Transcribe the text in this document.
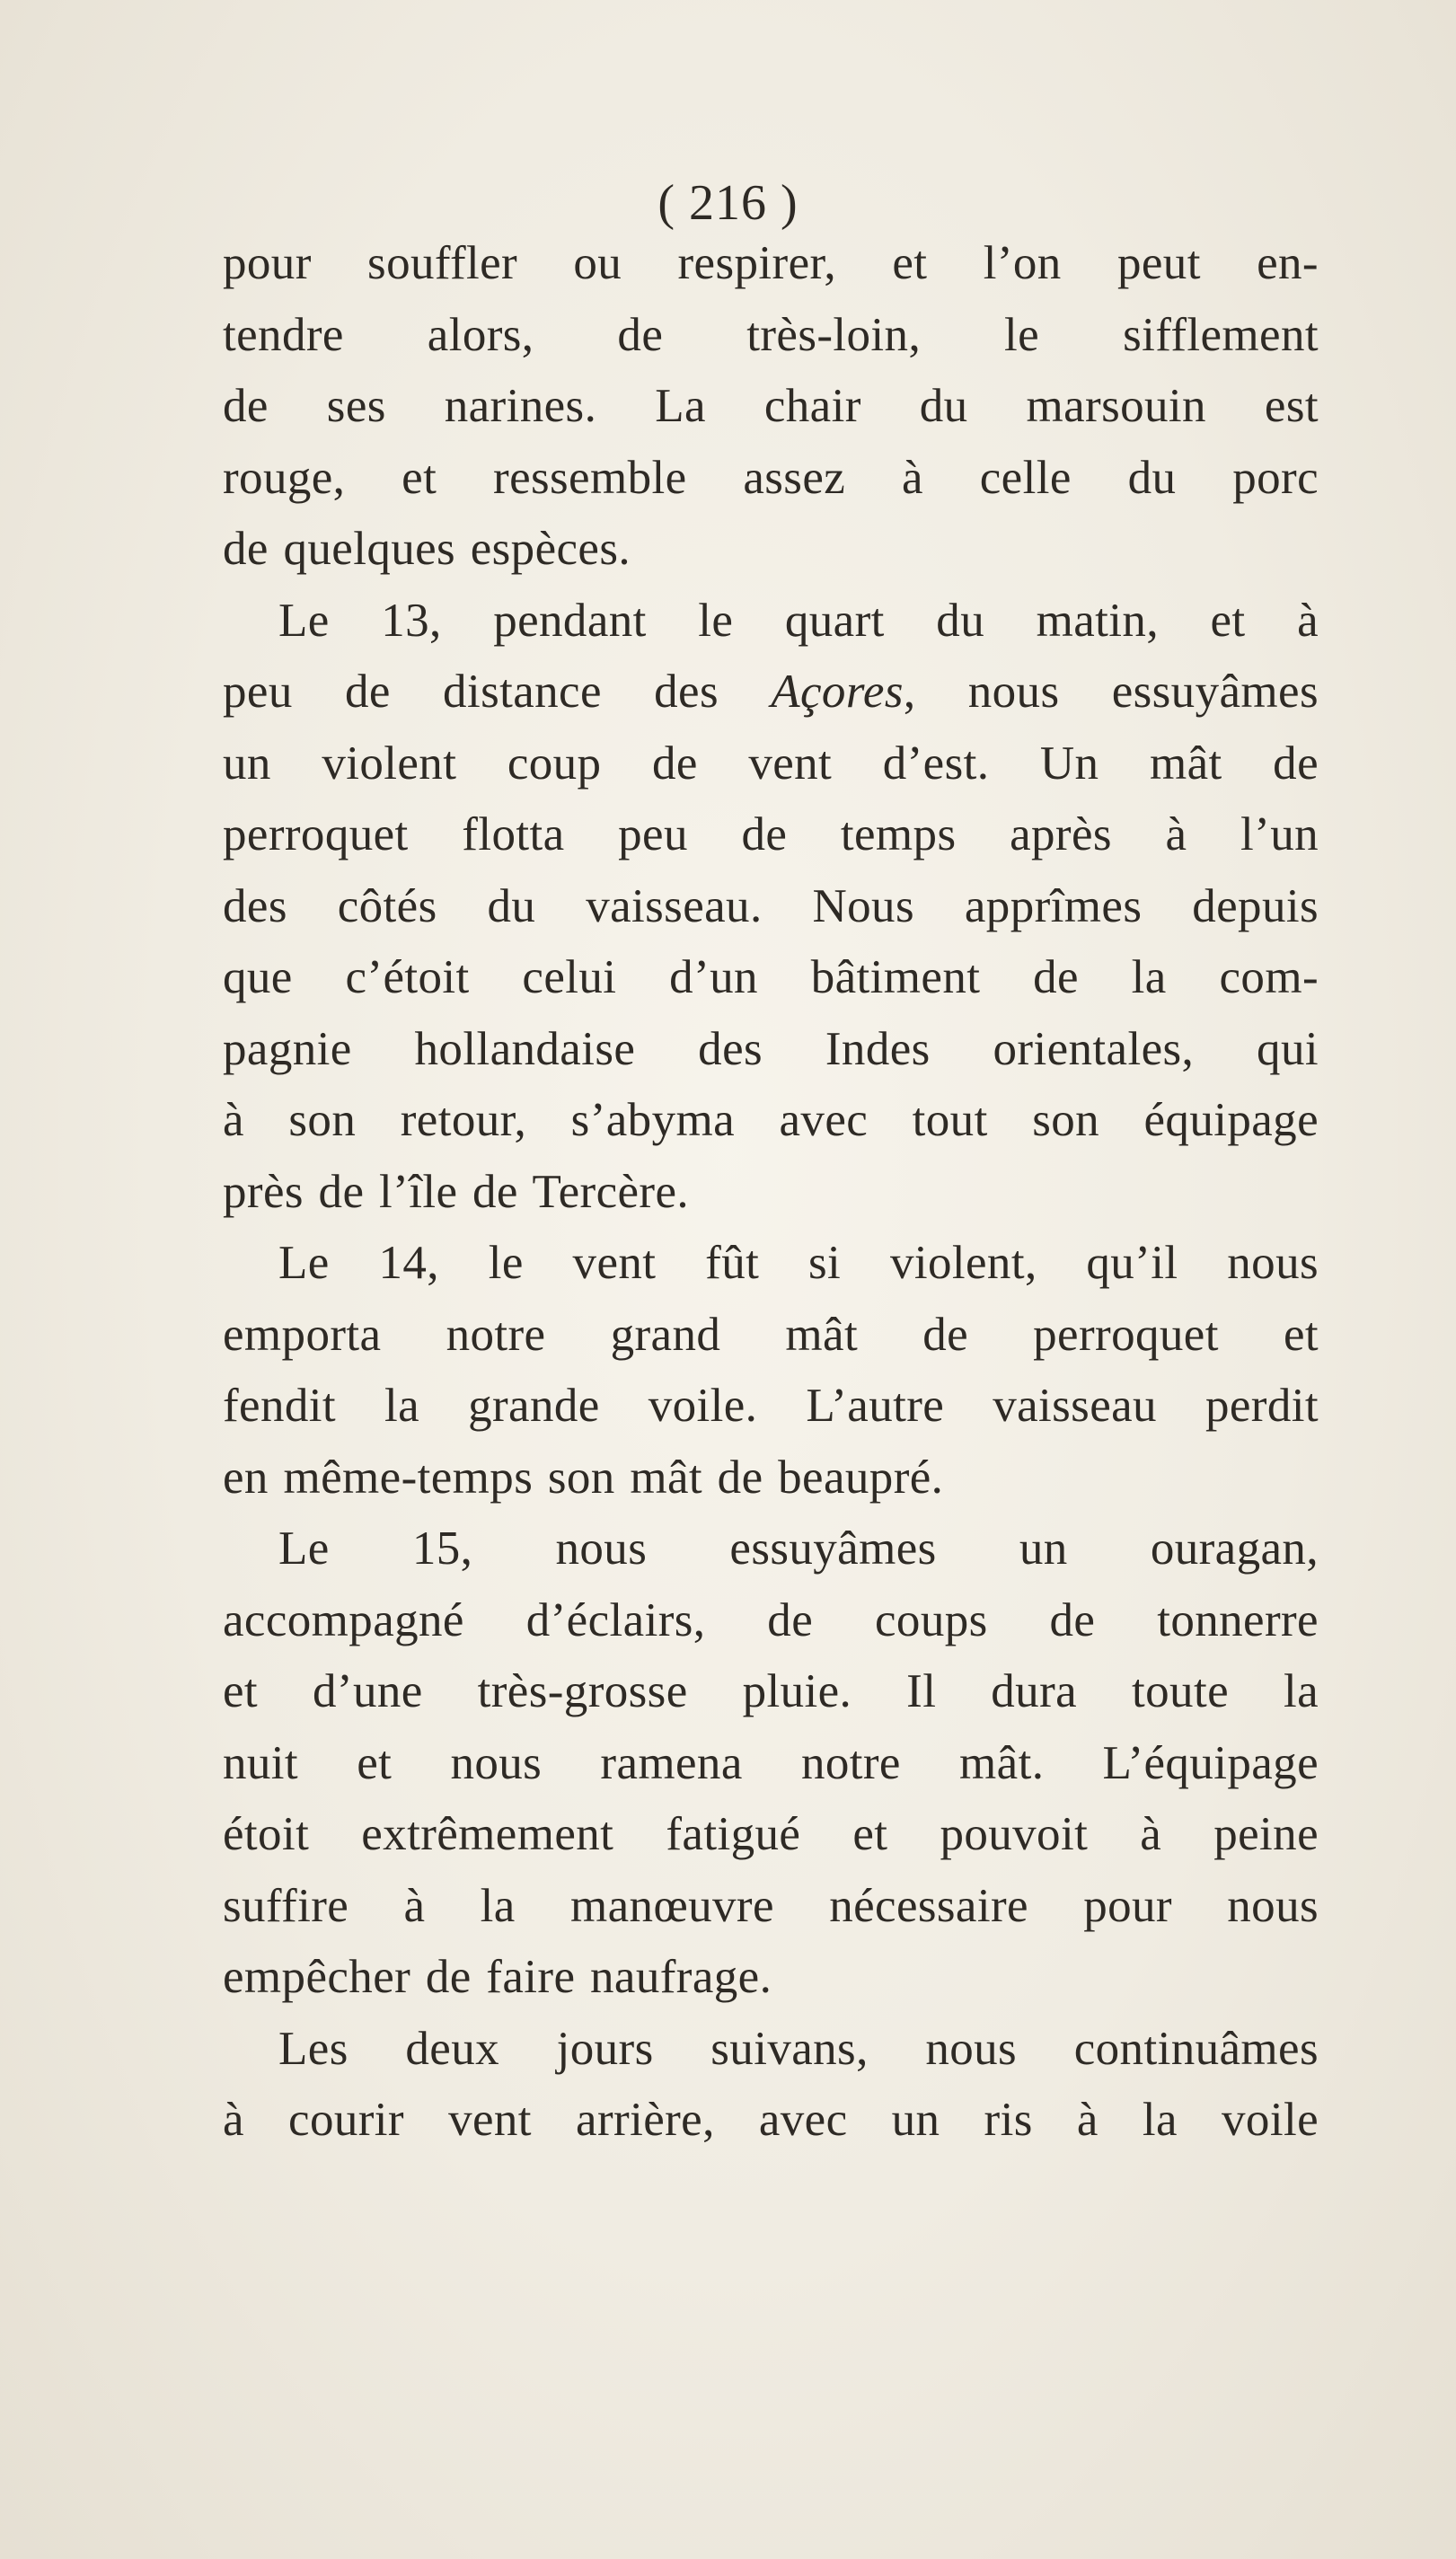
( 216 )
pour souffler ou respirer, et l’on peut en-
tendre alors, de très-loin, le sifflement
de ses narines. La chair du marsouin est
rouge, et ressemble assez à celle du porc
de quelques espèces.
Le 13, pendant le quart du matin, et à
peu de distance des Açores, nous essuyâmes
un violent coup de vent d’est. Un mât de
perroquet flotta peu de temps après à l’un
des côtés du vaisseau. Nous apprîmes depuis
que c’étoit celui d’un bâtiment de la com-
pagnie hollandaise des Indes orientales, qui
à son retour, s’abyma avec tout son équipage
près de l’île de Tercère.
Le 14, le vent fût si violent, qu’il nous
emporta notre grand mât de perroquet et
fendit la grande voile. L’autre vaisseau perdit
en même-temps son mât de beaupré.
Le 15, nous essuyâmes un ouragan,
accompagné d’éclairs, de coups de tonnerre
et d’une très-grosse pluie. Il dura toute la
nuit et nous ramena notre mât. L’équipage
étoit extrêmement fatigué et pouvoit à peine
suffire à la manœuvre nécessaire pour nous
empêcher de faire naufrage.
Les deux jours suivans, nous continuâmes
à courir vent arrière, avec un ris à la voile
